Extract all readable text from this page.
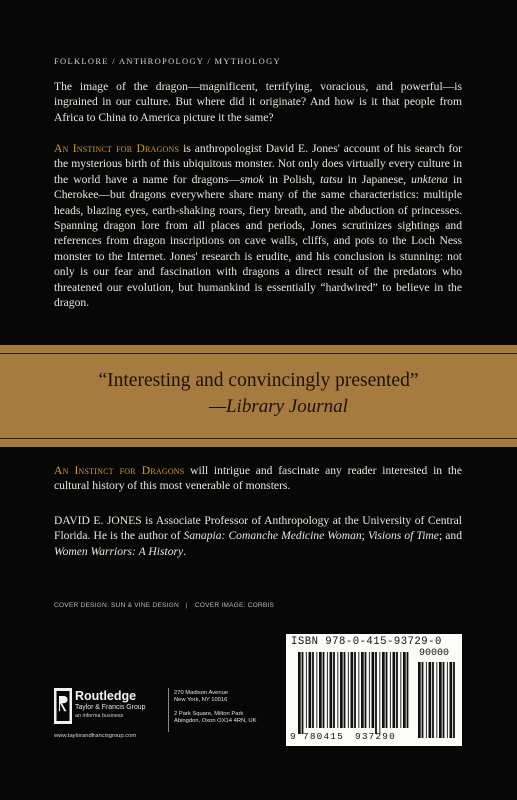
FOLKLORE / ANTHROPOLOGY / MYTHOLOGY

The image of the dragon—magnificent, terrifying, voracious, and powerful—is ingrained in our culture. But where did it originate? And how is it that people from Africa to China to America picture it the same?

An Instinct for Dragons is anthropologist David E. Jones' account of his search for the mysterious birth of this ubiquitous monster. Not only does virtually every culture in the world have a name for dragons—smok in Polish, tatsu in Japanese, unktena in Cherokee—but dragons everywhere share many of the same characteristics: multiple heads, blazing eyes, earth-shaking roars, fiery breath, and the abduction of princesses. Spanning dragon lore from all places and periods, Jones scrutinizes sightings and references from dragon inscriptions on cave walls, cliffs, and pots to the Loch Ness monster to the Internet. Jones' research is erudite, and his conclusion is stunning: not only is our fear and fascination with dragons a direct result of the predators who threatened our evolution, but humankind is essentially “hardwired” to believe in the dragon.

“Interesting and convincingly presented”
—Library Journal

An Instinct for Dragons will intrigue and fascinate any reader interested in the cultural history of this most venerable of monsters.

DAVID E. JONES is Associate Professor of Anthropology at the University of Central Florida. He is the author of Sanapia: Comanche Medicine Woman; Visions of Time; and Women Warriors: A History.

COVER DESIGN: SUN & VINE DESIGN | COVER IMAGE: CORBIS
ISBN 978-0-415-93729-0
90000
9 780415 937290
Routledge
Taylor & Francis Group
an informa business
270 Madison Avenue
New York, NY 10016
2 Park Square, Milton Park
Abingdon, Oxon OX14 4RN, UK
www.taylorandfrancisgroup.com
